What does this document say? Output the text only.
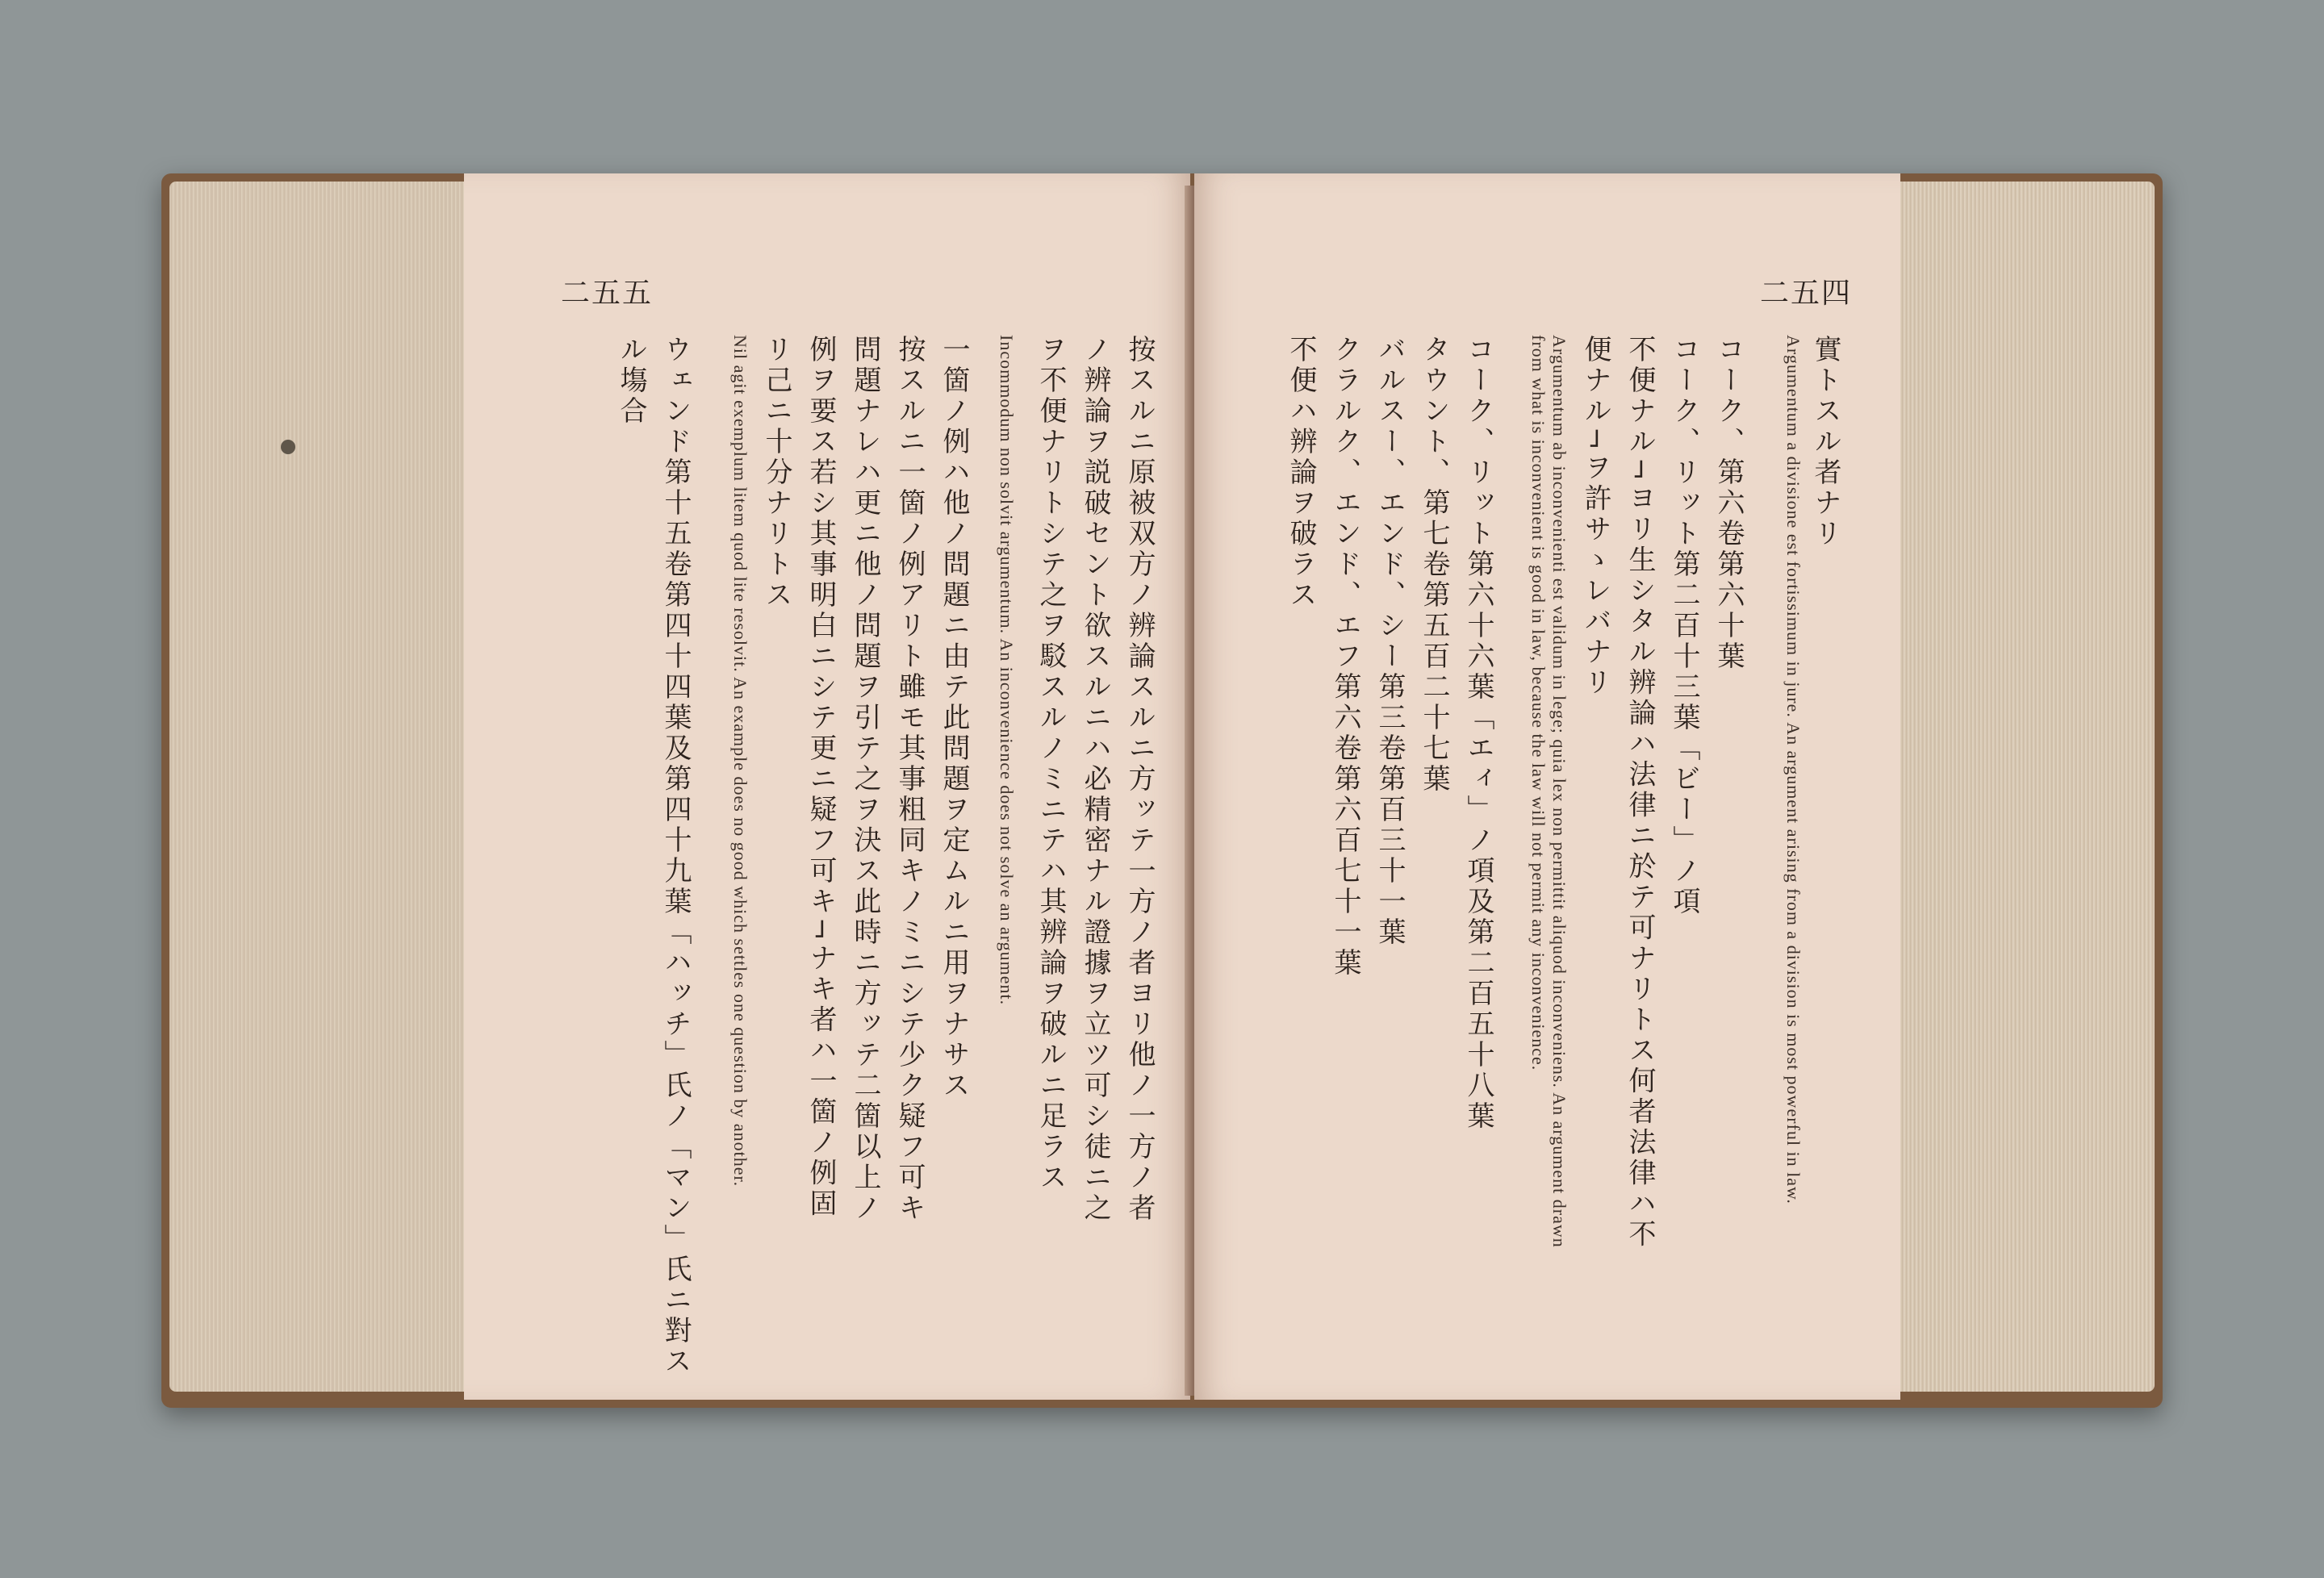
二五五
按スルニ原被双方ノ辨論スルニ方ッテ一方ノ者ヨリ他ノ一方ノ者
ノ辨論ヲ説破セント欲スルニハ必精密ナル證據ヲ立ツ可シ徒ニ之
ヲ不便ナリトシテ之ヲ駁スルノミニテハ其辨論ヲ破ルニ足ラス
Incommodum non solvit argumentum. An inconvenience does not solve an argument.
一箇ノ例ハ他ノ問題ニ由テ此問題ヲ定ムルニ用ヲナサス
按スルニ一箇ノ例アリト雖モ其事粗同キノミニシテ少ク疑フ可キ
問題ナレハ更ニ他ノ問題ヲ引テ之ヲ決ス此時ニ方ッテ二箇以上ノ
例ヲ要ス若シ其事明白ニシテ更ニ疑フ可キ¬ナキ者ハ一箇ノ例固
リ己ニ十分ナリトス
Nil agit exemplum litem quod lite resolvit. An example does no good which settles one question by another.
ウェンド第十五卷第四十四葉及第四十九葉「ハッチ」氏ノ「マン」氏ニ對ス
ル塲合
二五四
實トスル者ナリ
Argumentum a divisione est fortissimum in jure. An argument arising from a division is most powerful in law.
コーク、第六卷第六十葉
コーク、リット第二百十三葉「ビー」ノ項
不便ナル¬ヨリ生シタル辨論ハ法律ニ於テ可ナリトス何者法律ハ不
便ナル¬ヲ許サゝレバナリ
Argumentum ab inconvenienti est validum in lege; quia lex non permittit aliquod inconveniens. An argument drawn from what is inconvenient is good in law, because the law will not permit any inconvenience.
コーク、リット第六十六葉「エィ」ノ項及第二百五十八葉
タウント、第七卷第五百二十七葉
バルスー、エンド、シー第三卷第百三十一葉
クラルク、エンド、エフ第六卷第六百七十一葉
不便ハ辨論ヲ破ラス
